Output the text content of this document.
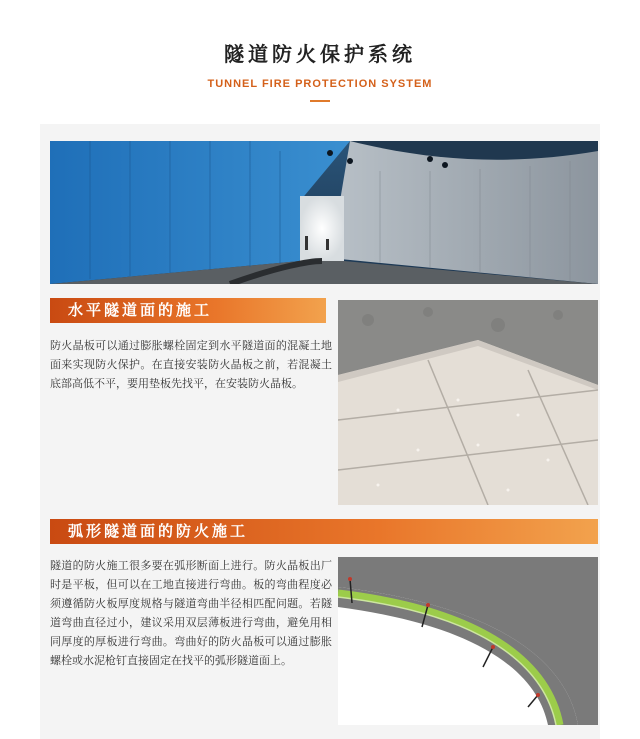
隧道防火保护系统
TUNNEL FIRE PROTECTION SYSTEM
水平隧道面的施工
防火晶板可以通过膨胀螺栓固定到水平隧道面的混凝土地面来实现防火保护。在直接安装防火晶板之前，若混凝土底部高低不平，要用垫板先找平，在安装防火晶板。
弧形隧道面的防火施工
隧道的防火施工很多要在弧形断面上进行。防火晶板出厂时是平板，但可以在工地直接进行弯曲。板的弯曲程度必须遵循防火板厚度规格与隧道弯曲半径相匹配问题。若隧道弯曲直径过小，建议采用双层薄板进行弯曲，避免用相同厚度的厚板进行弯曲。弯曲好的防火晶板可以通过膨胀螺栓或水泥枪钉直接固定在找平的弧形隧道面上。
